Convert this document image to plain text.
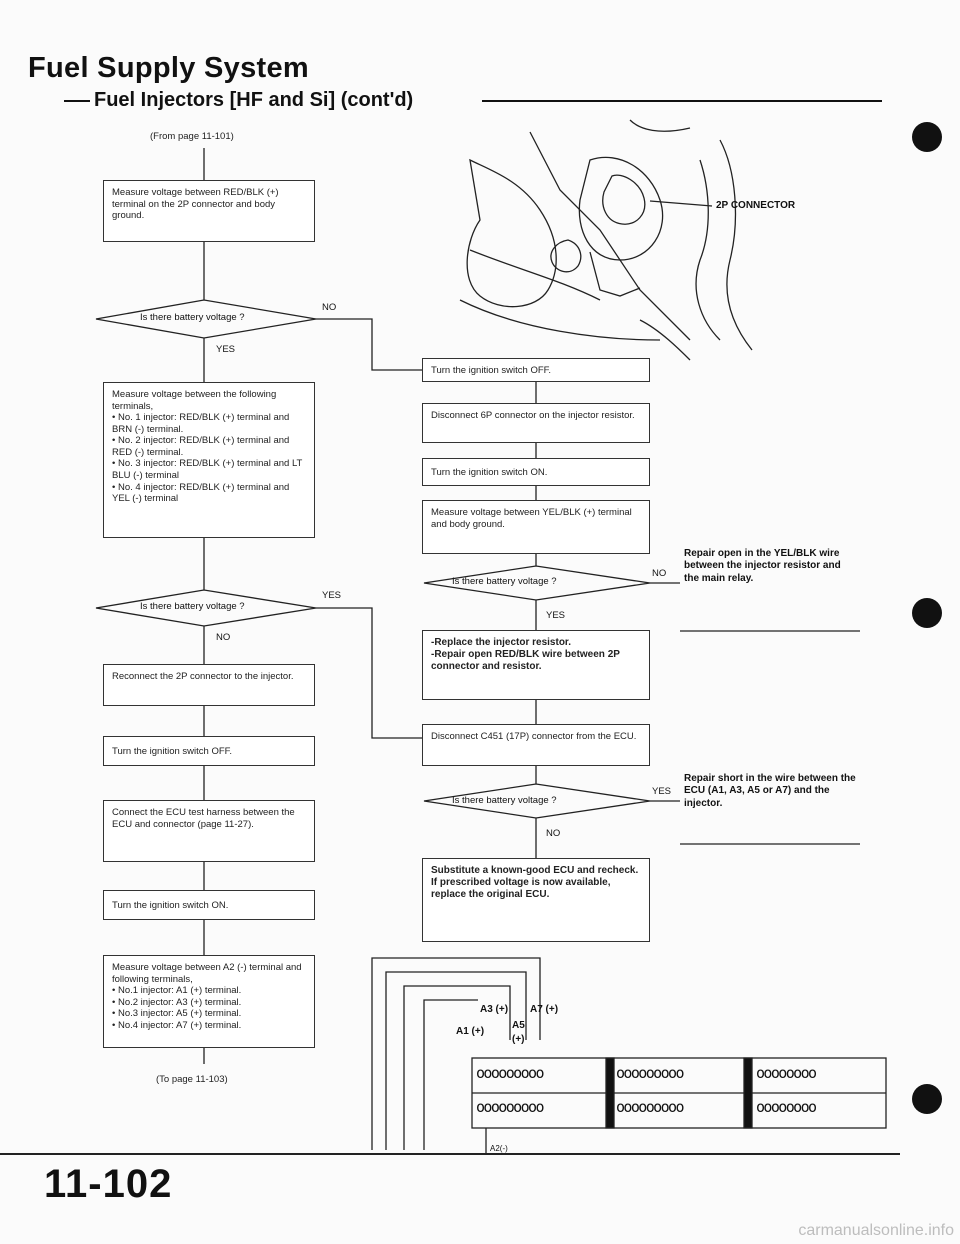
Fuel Supply System
Fuel Injectors [HF and Si] (cont'd)
(From page 11-101)
Measure voltage between RED/BLK (+) terminal on the 2P connector and body ground.
Is there battery voltage ?
NO
YES
Measure voltage between the following terminals,
• No. 1 injector: RED/BLK (+) terminal and BRN (-) terminal.
• No. 2 injector: RED/BLK (+) terminal and RED (-) terminal.
• No. 3 injector: RED/BLK (+) terminal and LT BLU (-) terminal
• No. 4 injector: RED/BLK (+) terminal and YEL (-) terminal
Is there battery voltage ?
YES
NO
Reconnect the 2P connector to the injector.
Turn the ignition switch OFF.
Connect the ECU test harness between the ECU and connector (page 11-27).
Turn the ignition switch ON.
Measure voltage between A2 (-) terminal and following terminals,
• No.1 injector: A1 (+) terminal.
• No.2 injector: A3 (+) terminal.
• No.3 injector: A5 (+) terminal.
• No.4 injector: A7 (+) terminal.
(To page 11-103)
2P CONNECTOR
Turn the ignition switch OFF.
Disconnect 6P connector on the injector resistor.
Turn the ignition switch ON.
Measure voltage between YEL/BLK (+) terminal and body ground.
Is there battery voltage ?
NO
YES
Repair open in the YEL/BLK wire between the injector resistor and the main relay.
-Replace the injector resistor.
-Repair open RED/BLK wire between 2P connector and resistor.
Disconnect C451 (17P) connector from the ECU.
Is there battery voltage ?
YES
NO
Repair short in the wire between the ECU (A1, A3, A5 or A7) and the injector.
Substitute a known-good ECU and recheck. If prescribed voltage is now available, replace the original ECU.
A3 (+) A7 (+)
A1 (+)
A5
(+)
A2(-)
ooooooooo	ooooooooo	oooooooo
ooooooooo	ooooooooo	oooooooo
11-102
carmanualsonline.info
